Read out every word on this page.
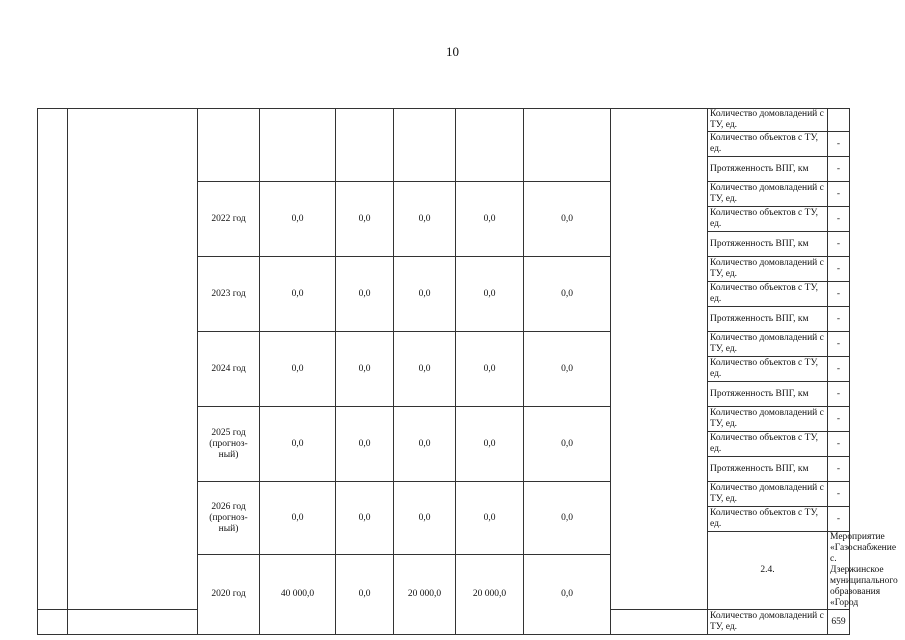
10
									Количество домовладений с ТУ, ед.		
									Количество объектов с ТУ, ед.	-	
									Протяженность ВПГ, км	-	
		2022 год	0,0	0,0	0,0	0,0	0,0		Количество домовладений с ТУ, ед.	-	
									Количество объектов с ТУ, ед.	-	
									Протяженность ВПГ, км	-	
		2023 год	0,0	0,0	0,0	0,0	0,0		Количество домовладений с ТУ, ед.	-	
									Количество объектов с ТУ, ед.	-	
									Протяженность ВПГ, км	-	
		2024 год	0,0	0,0	0,0	0,0	0,0		Количество домовладений с ТУ, ед.	-	
									Количество объектов с ТУ, ед.	-	
									Протяженность ВПГ, км	-	
		2025 год (прогноз-ный)	0,0	0,0	0,0	0,0	0,0		Количество домовладений с ТУ, ед.	-	
									Количество объектов с ТУ, ед.	-	
									Протяженность ВПГ, км	-	
		2026 год (прогноз-ный)	0,0	0,0	0,0	0,0	0,0		Количество домовладений с ТУ, ед.	-	
									Количество объектов с ТУ, ед.	-	
									2.4.	Мероприятие «Газоснабжение с. Дзержинское муниципального образования «Город									
		2020 год	40 000,0	0,0	20 000,0	20 000,0	0,0		
									Количество домовладений с ТУ, ед.	659	
